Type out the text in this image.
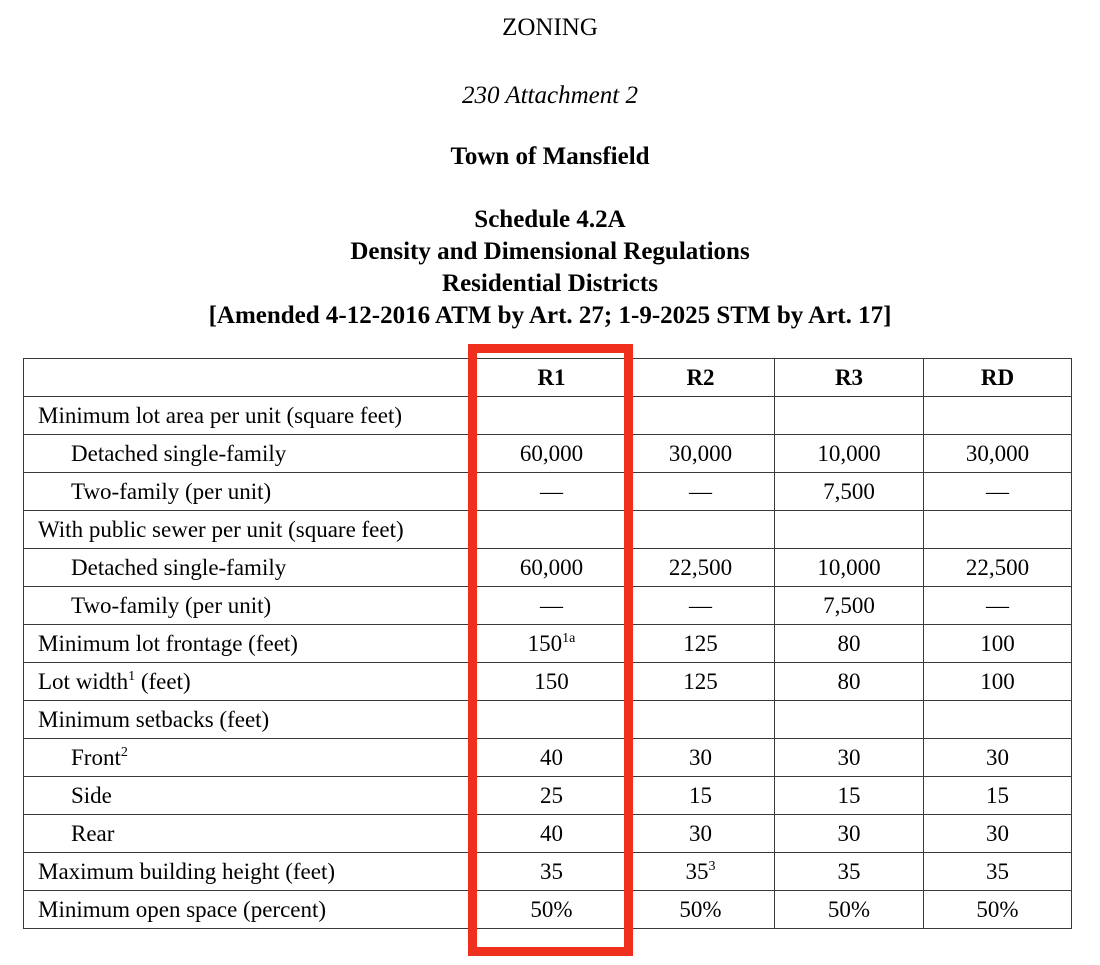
ZONING
230 Attachment 2
Town of Mansfield
Schedule 4.2A
Density and Dimensional Regulations
Residential Districts
[Amended 4-12-2016 ATM by Art. 27; 1-9-2025 STM by Art. 17]
	R1	R2	R3	RD
Minimum lot area per unit (square feet)				
Detached single-family	60,000	30,000	10,000	30,000
Two-family (per unit)	—	—	7,500	—
With public sewer per unit (square feet)				
Detached single-family	60,000	22,500	10,000	22,500
Two-family (per unit)	—	—	7,500	—
Minimum lot frontage (feet)	$150^{1a}$	125	80	100
Lot width$^1$ (feet)	150	125	80	100
Minimum setbacks (feet)				
Front$^2$	40	30	30	30
Side	25	15	15	15
Rear	40	30	30	30
Maximum building height (feet)	35	$35^3$	35	35
Minimum open space (percent)	50%	50%	50%	50%
